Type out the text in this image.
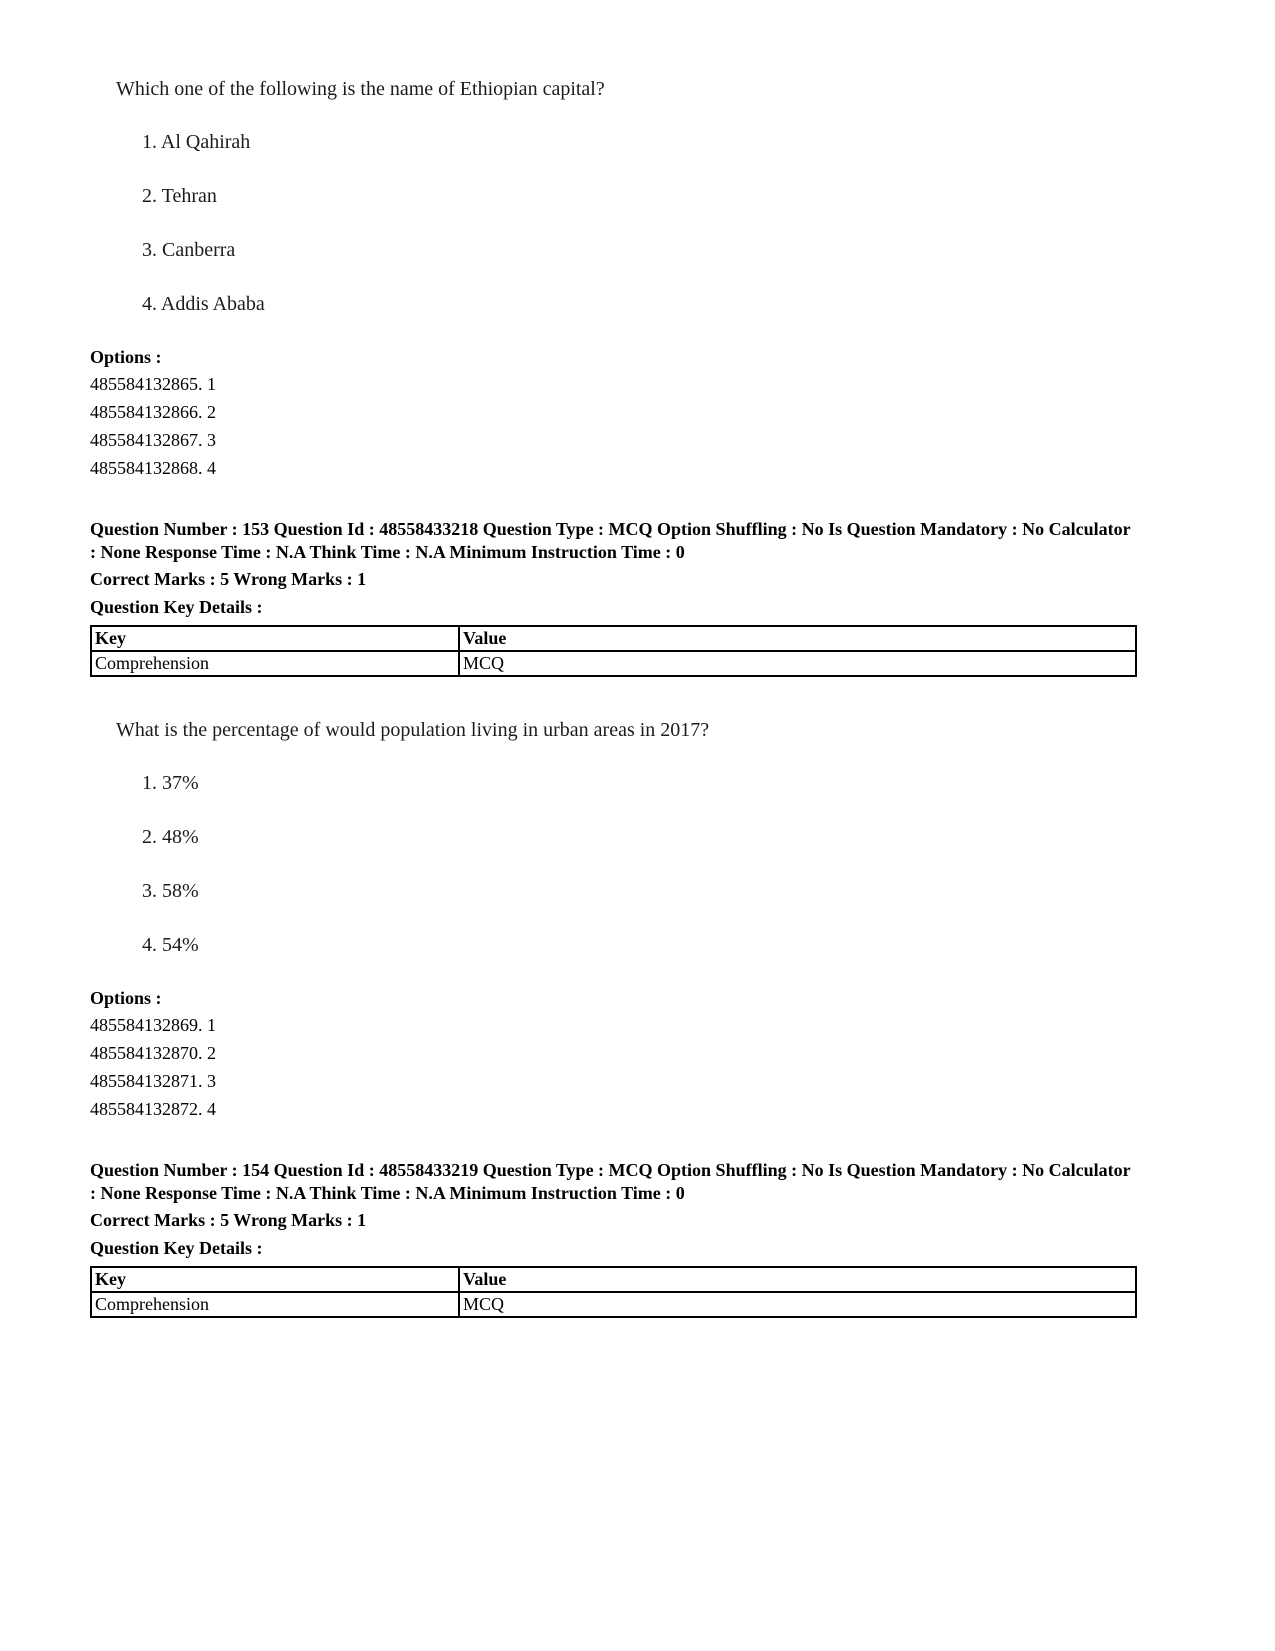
Which one of the following is the name of Ethiopian capital?

1. Al Qahirah

2. Tehran

3. Canberra

4. Addis Ababa

Options :

485584132865. 1

485584132866. 2

485584132867. 3

485584132868. 4

Question Number : 153 Question Id : 48558433218 Question Type : MCQ Option Shuffling : No Is Question Mandatory : No Calculator : None Response Time : N.A Think Time : N.A Minimum Instruction Time : 0

Correct Marks : 5 Wrong Marks : 1

Question Key Details :

Key	Value
Comprehension	MCQ

What is the percentage of would population living in urban areas in 2017?

1. 37%

2. 48%

3. 58%

4. 54%

Options :

485584132869. 1

485584132870. 2

485584132871. 3

485584132872. 4

Question Number : 154 Question Id : 48558433219 Question Type : MCQ Option Shuffling : No Is Question Mandatory : No Calculator : None Response Time : N.A Think Time : N.A Minimum Instruction Time : 0

Correct Marks : 5 Wrong Marks : 1

Question Key Details :

Key	Value
Comprehension	MCQ
